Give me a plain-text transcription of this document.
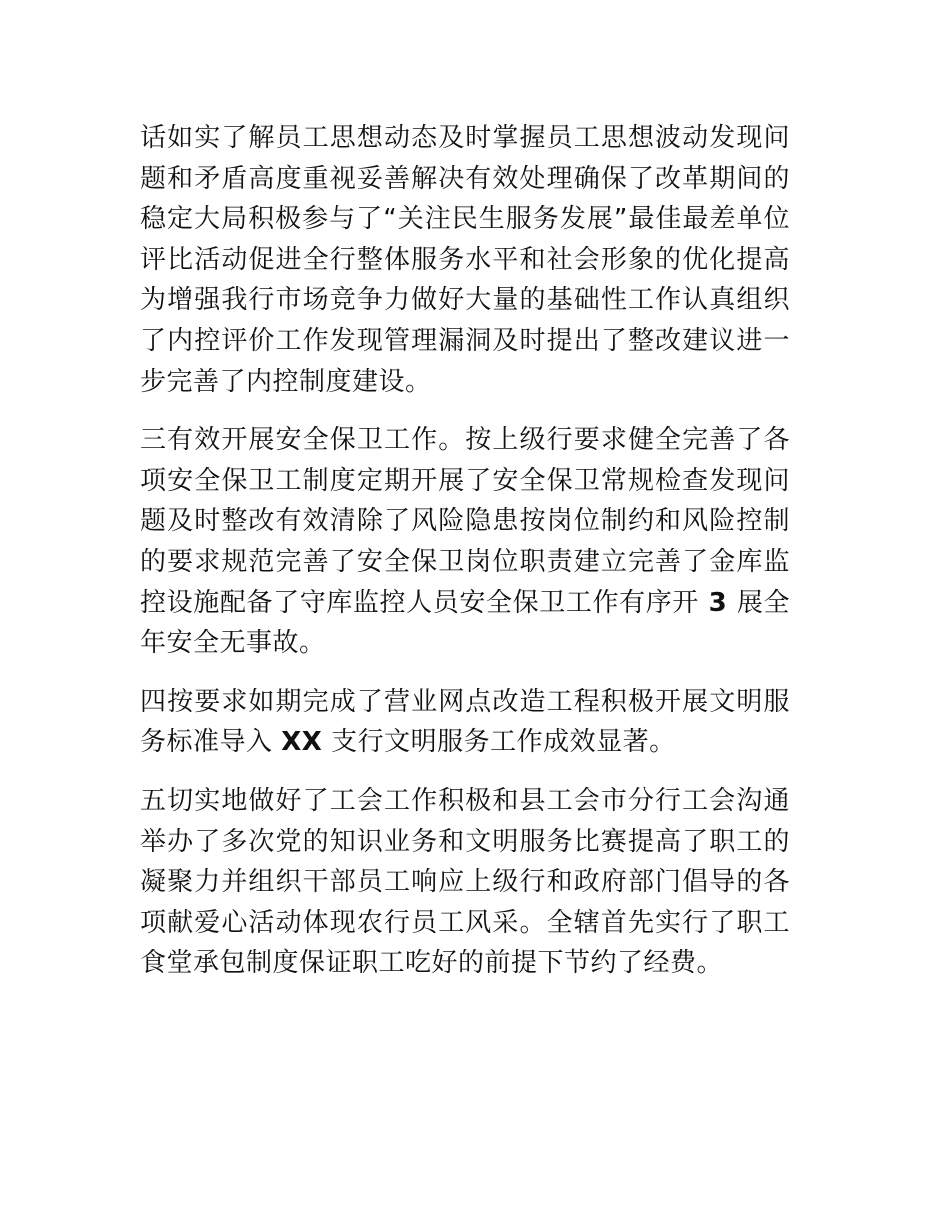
话如实了解员工思想动态及时掌握员工思想波动发现问题和矛盾高度重视妥善解决有效处理确保了改革期间的稳定大局积极参与了“关注民生服务发展”最佳最差单位评比活动促进全行整体服务水平和社会形象的优化提高为增强我行市场竞争力做好大量的基础性工作认真组织了内控评价工作发现管理漏洞及时提出了整改建议进一步完善了内控制度建设。

三有效开展安全保卫工作。按上级行要求健全完善了各项安全保卫工制度定期开展了安全保卫常规检查发现问题及时整改有效清除了风险隐患按岗位制约和风险控制的要求规范完善了安全保卫岗位职责建立完善了金库监控设施配备了守库监控人员安全保卫工作有序开 3 展全年安全无事故。

四按要求如期完成了营业网点改造工程积极开展文明服务标准导入 XX 支行文明服务工作成效显著。

五切实地做好了工会工作积极和县工会市分行工会沟通举办了多次党的知识业务和文明服务比赛提高了职工的凝聚力并组织干部员工响应上级行和政府部门倡导的各项献爱心活动体现农行员工风采。全辖首先实行了职工食堂承包制度保证职工吃好的前提下节约了经费。
